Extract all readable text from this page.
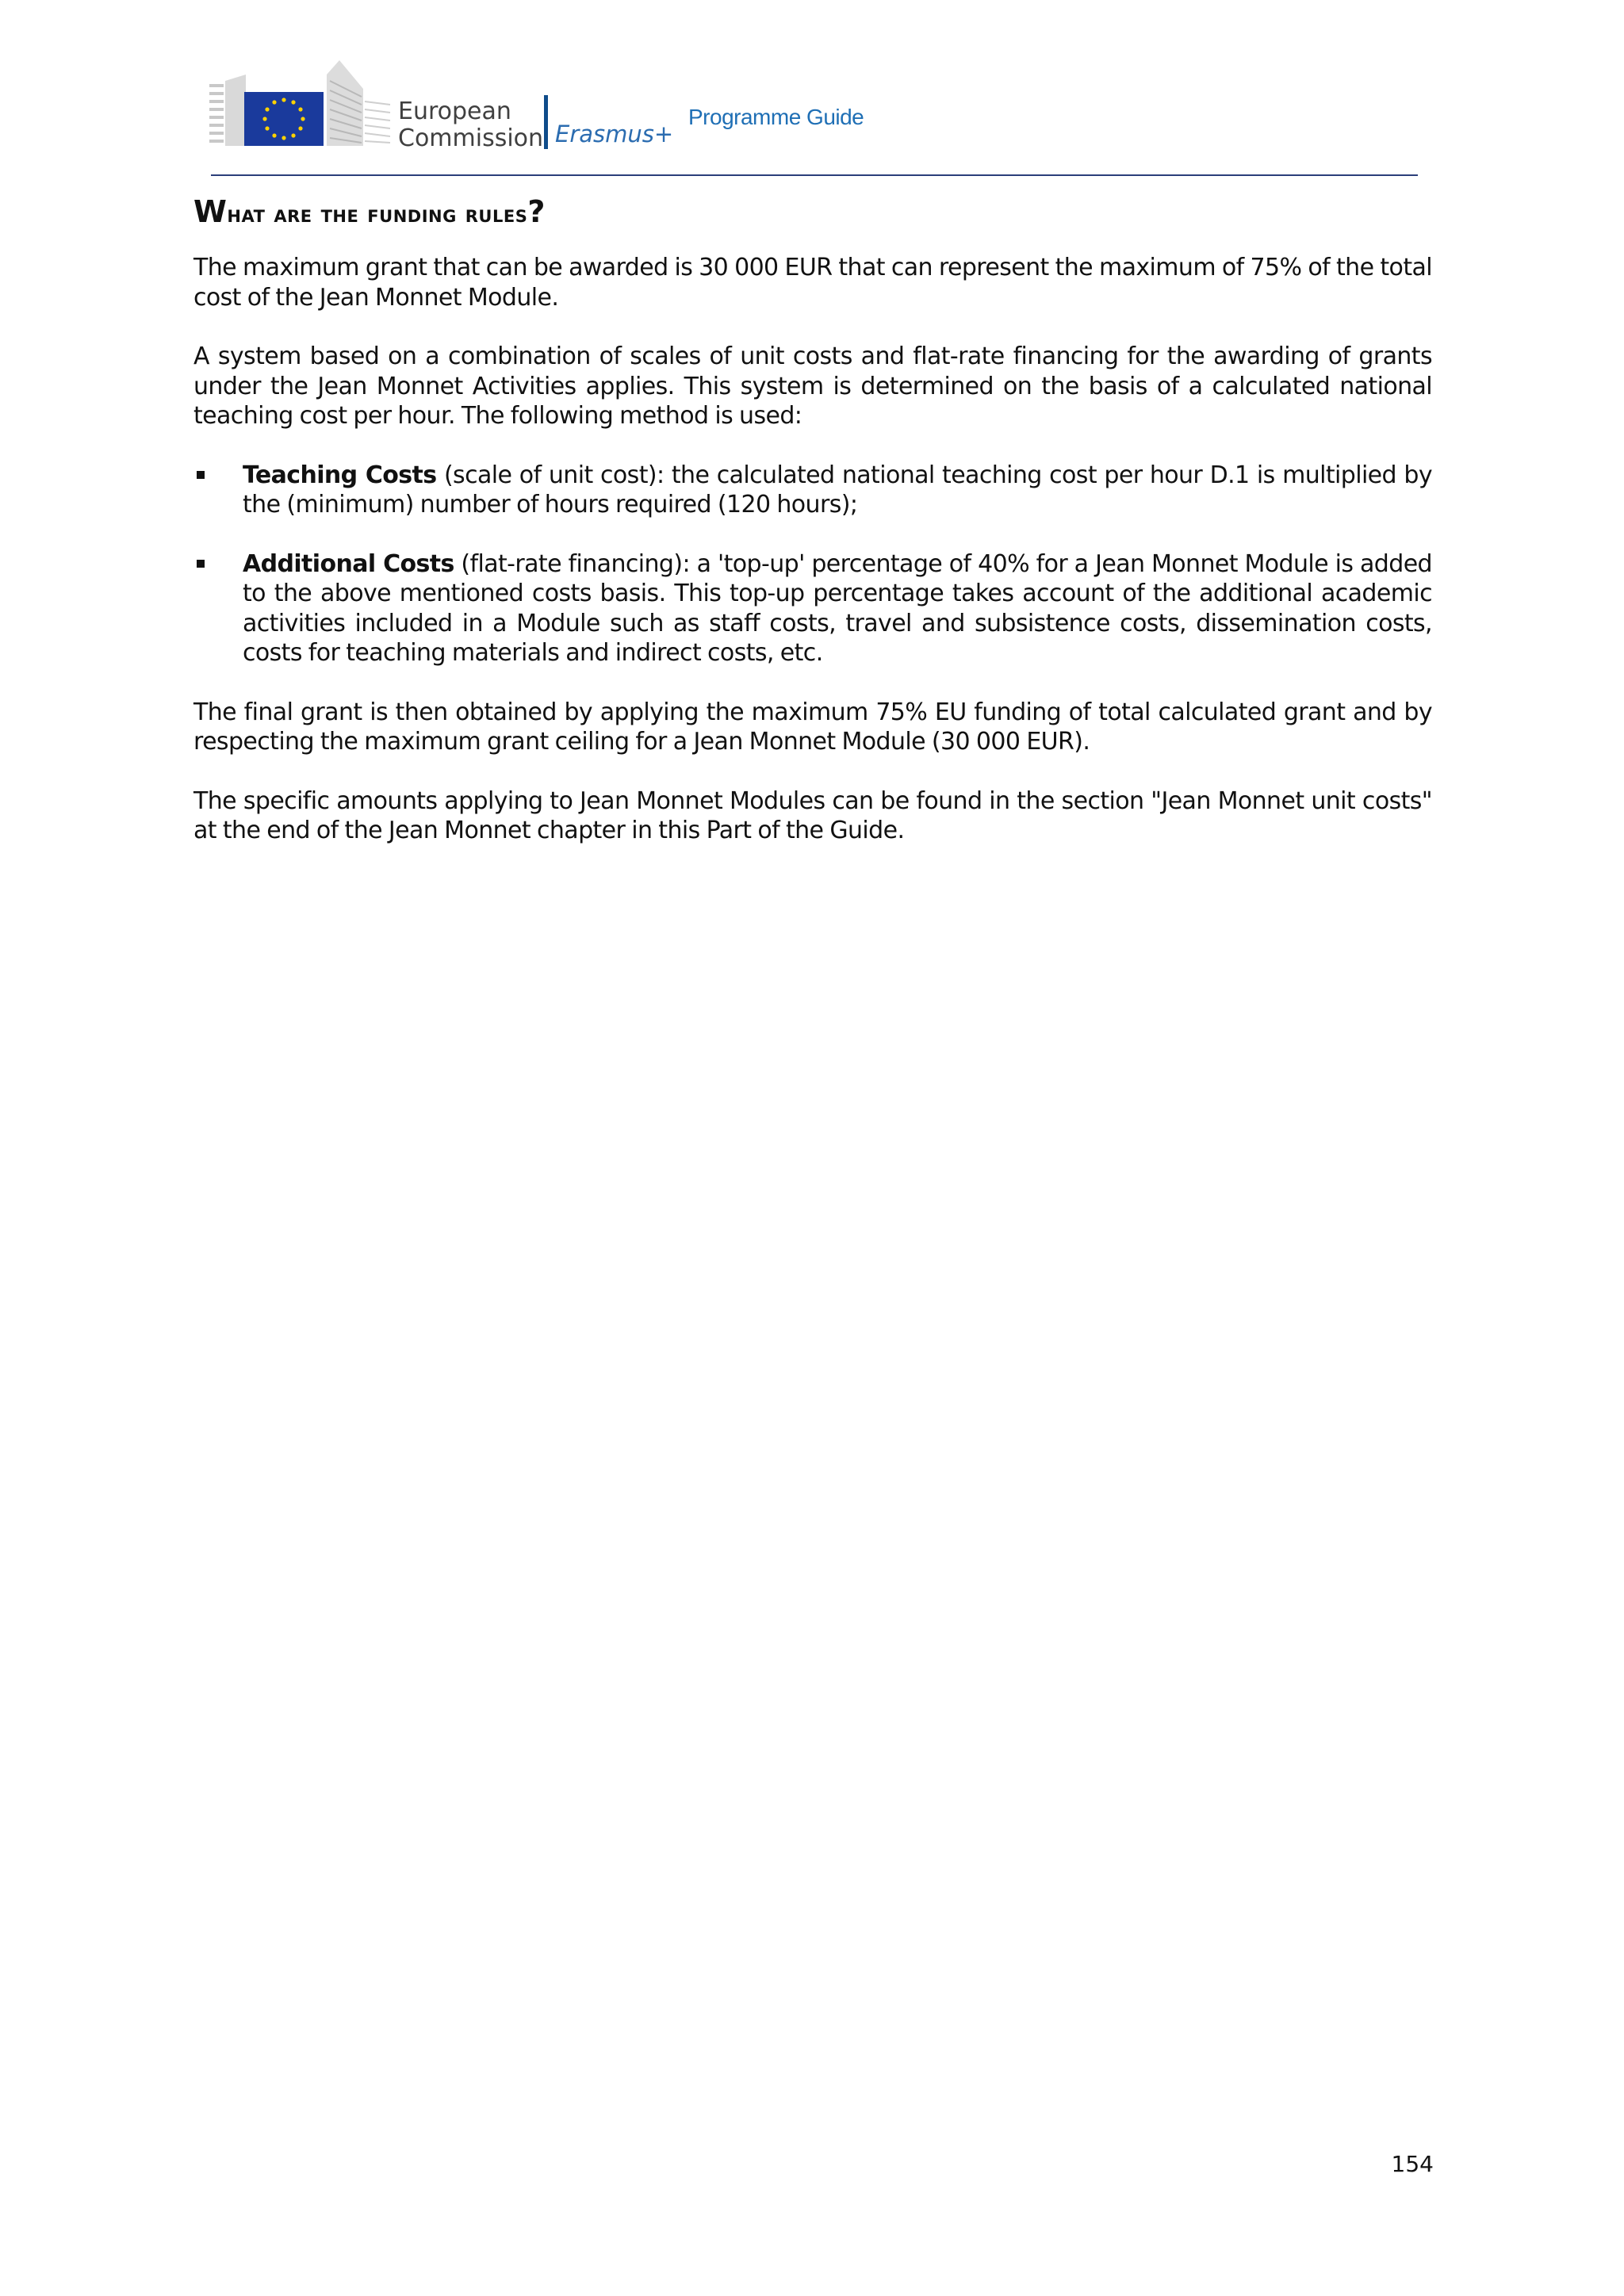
European
Commission Erasmus+
Programme Guide
What are the funding rules?

The maximum grant that can be awarded is 30 000 EUR that can represent the maximum of 75% of the total cost of the Jean Monnet Module.

A system based on a combination of scales of unit costs and flat-rate financing for the awarding of grants under the Jean Monnet Activities applies. This system is determined on the basis of a calculated national teaching cost per hour. The following method is used:

Teaching Costs (scale of unit cost): the calculated national teaching cost per hour D.1 is multiplied by the (minimum) number of hours required (120 hours);

Additional Costs (flat-rate financing): a 'top-up' percentage of 40% for a Jean Monnet Module is added to the above mentioned costs basis. This top-up percentage takes account of the additional academic activities included in a Module such as staff costs, travel and subsistence costs, dissemination costs, costs for teaching materials and indirect costs, etc.

The final grant is then obtained by applying the maximum 75% EU funding of total calculated grant and by respecting the maximum grant ceiling for a Jean Monnet Module (30 000 EUR).

The specific amounts applying to Jean Monnet Modules can be found in the section "Jean Monnet unit costs" at the end of the Jean Monnet chapter in this Part of the Guide.

154
